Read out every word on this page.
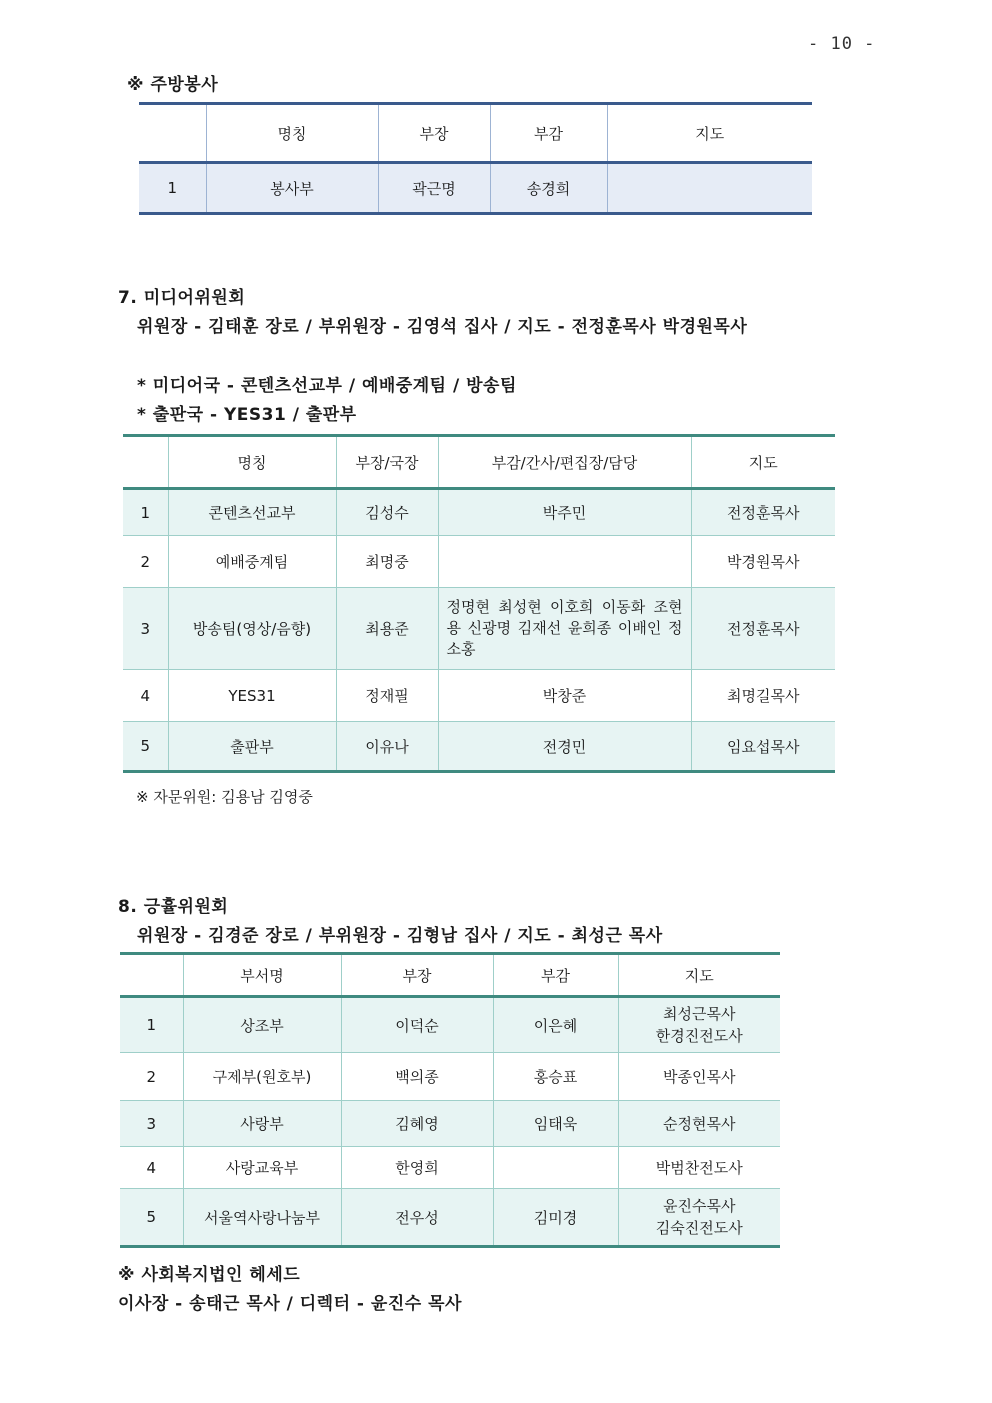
- 10 -
※ 주방봉사
	명칭	부장	부감	지도
1	봉사부	곽근명	송경희	
7. 미디어위원회
위원장 - 김태훈 장로 / 부위원장 - 김영석 집사 / 지도 - 전정훈목사 박경원목사
* 미디어국 - 콘텐츠선교부 / 예배중계팀 / 방송팀
* 출판국 - YES31 / 출판부
	명칭	부장/국장	부감/간사/편집장/담당	지도
1	콘텐츠선교부	김성수	박주민	전정훈목사
2	예배중계팀	최명중		박경원목사
3	방송팀(영상/음향)	최용준	정명현 최성현 이호희 이동화 조현용 신광명 김재선 윤희종 이배인 정소홍	전정훈목사
4	YES31	정재필	박창준	최명길목사
5	출판부	이유나	전경민	임요섭목사
※ 자문위원: 김용남 김영중
8. 긍휼위원회
위원장 - 김경준 장로 / 부위원장 - 김형남 집사 / 지도 - 최성근 목사
	부서명	부장	부감	지도
1	상조부	이덕순	이은혜	최성근목사
한경진전도사
2	구제부(원호부)	백의종	홍승표	박종인목사
3	사랑부	김혜영	임태욱	순정현목사
4	사랑교육부	한영희		박범찬전도사
5	서울역사랑나눔부	전우성	김미경	윤진수목사
김숙진전도사
※ 사회복지법인 헤세드
이사장 - 송태근 목사 / 디렉터 - 윤진수 목사
